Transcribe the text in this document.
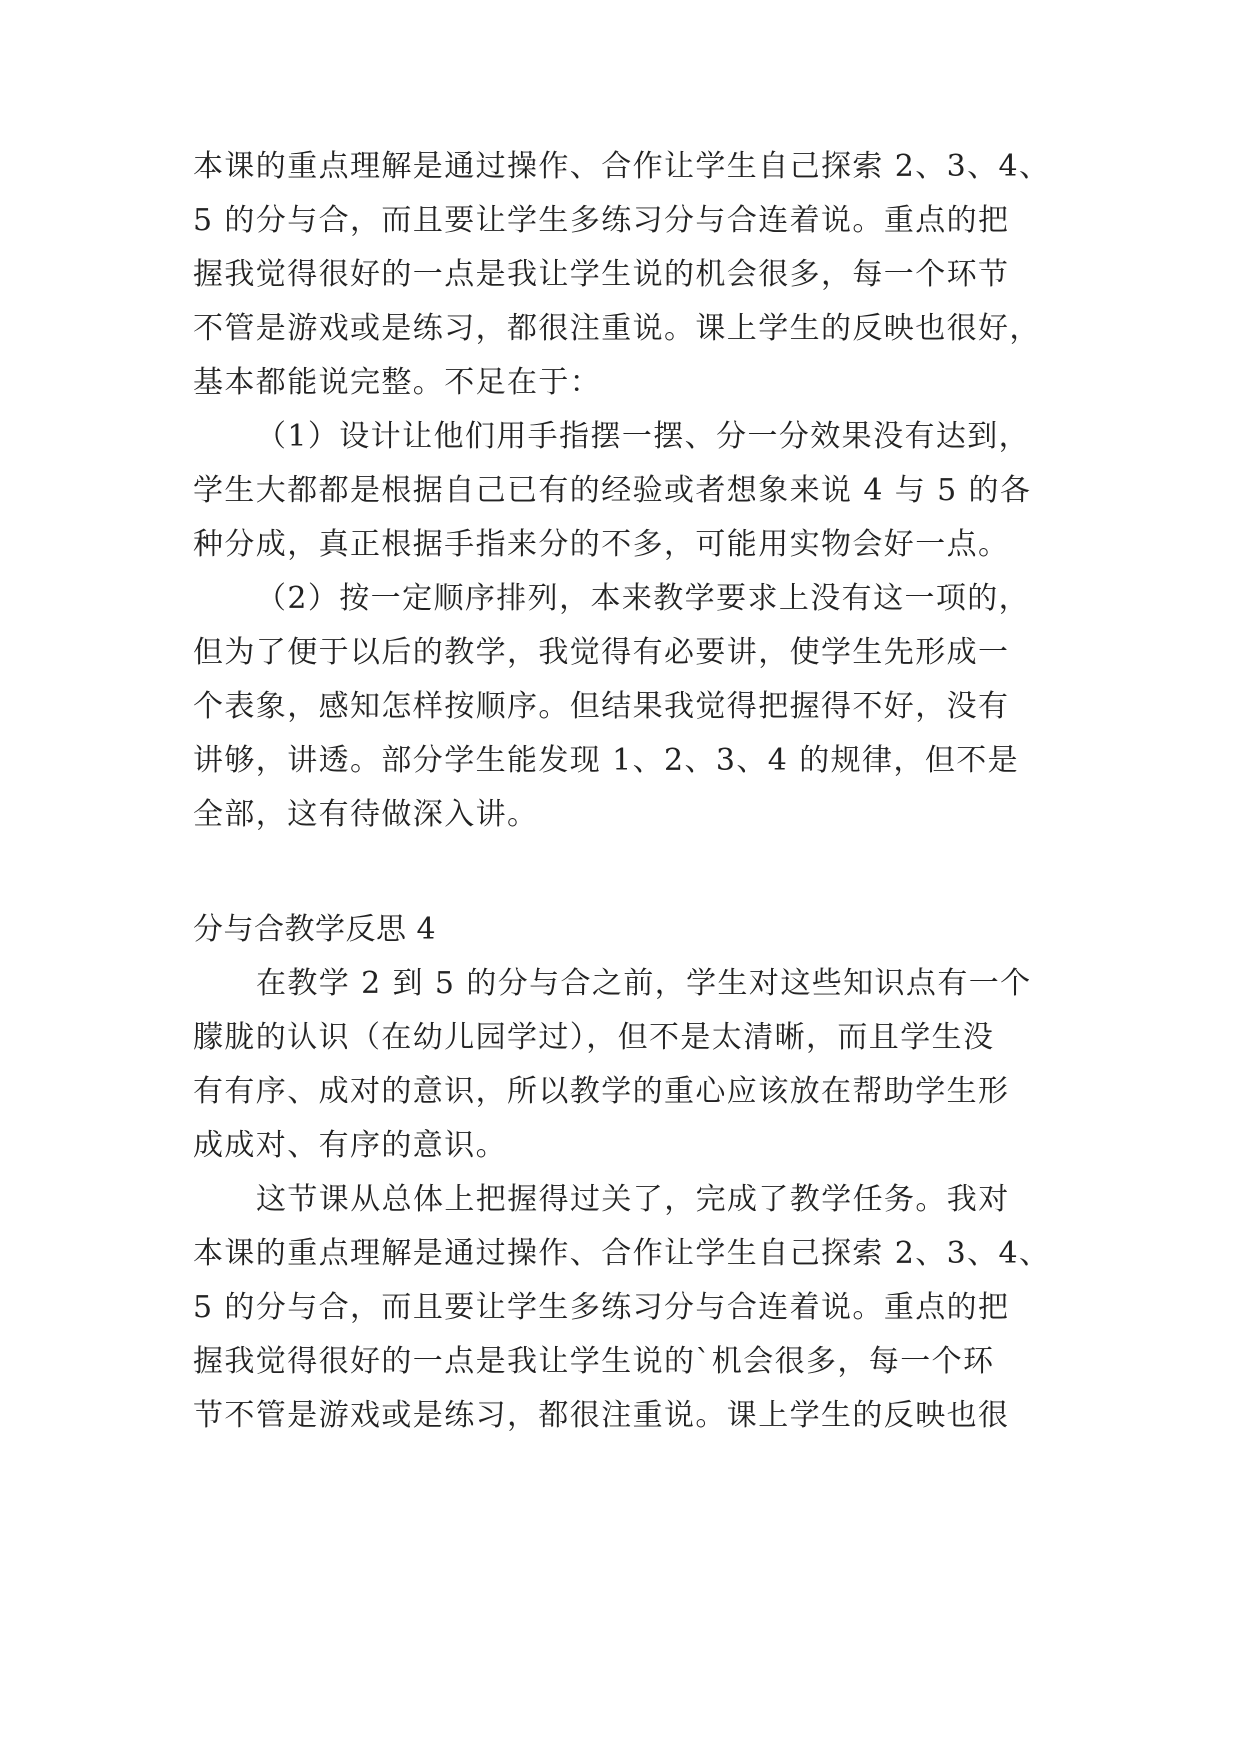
本课的重点理解是通过操作、合作让学生自己探索 2、3、4、
5 的分与合，而且要让学生多练习分与合连着说。重点的把
握我觉得很好的一点是我让学生说的机会很多，每一个环节
不管是游戏或是练习，都很注重说。课上学生的反映也很好，
基本都能说完整。不足在于：
（1）设计让他们用手指摆一摆、分一分效果没有达到，
学生大都都是根据自己已有的经验或者想象来说 4 与 5 的各
种分成，真正根据手指来分的不多，可能用实物会好一点。
（2）按一定顺序排列，本来教学要求上没有这一项的，
但为了便于以后的教学，我觉得有必要讲，使学生先形成一
个表象，感知怎样按顺序。但结果我觉得把握得不好，没有
讲够，讲透。部分学生能发现 1、2、3、4 的规律，但不是
全部，这有待做深入讲。
分与合教学反思 4
在教学 2 到 5 的分与合之前，学生对这些知识点有一个
朦胧的认识（在幼儿园学过），但不是太清晰，而且学生没
有有序、成对的意识，所以教学的重心应该放在帮助学生形
成成对、有序的意识。
这节课从总体上把握得过关了，完成了教学任务。我对
本课的重点理解是通过操作、合作让学生自己探索 2、3、4、
5 的分与合，而且要让学生多练习分与合连着说。重点的把
握我觉得很好的一点是我让学生说的`机会很多，每一个环
节不管是游戏或是练习，都很注重说。课上学生的反映也很
